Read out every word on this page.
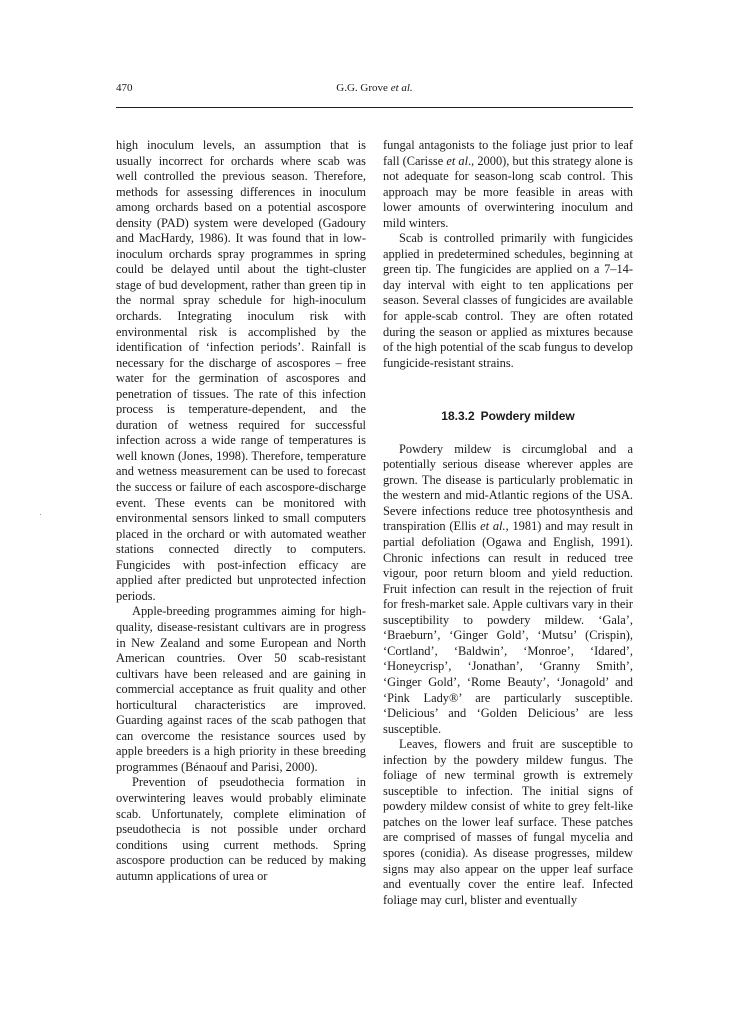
470	G.G. Grove et al.

high inoculum levels, an assumption that is usually incorrect for orchards where scab was well controlled the previous season. Therefore, methods for assessing differences in inoculum among orchards based on a potential ascospore density (PAD) system were developed (Gadoury and MacHardy, 1986). It was found that in low-inoculum orchards spray programmes in spring could be delayed until about the tight-cluster stage of bud development, rather than green tip in the normal spray schedule for high-inoculum orchards. Integrating inoculum risk with environmental risk is accomplished by the identification of ‘infection periods’. Rainfall is necessary for the discharge of ascospores – free water for the germination of ascospores and penetration of tissues. The rate of this infection process is temperature-dependent, and the duration of wetness required for successful infection across a wide range of temperatures is well known (Jones, 1998). Therefore, temperature and wetness measurement can be used to forecast the success or failure of each ascospore-discharge event. These events can be monitored with environmental sensors linked to small computers placed in the orchard or with automated weather stations connected directly to computers. Fungicides with post-infection efficacy are applied after predicted but unprotected infection periods.

Apple-breeding programmes aiming for high-quality, disease-resistant cultivars are in progress in New Zealand and some European and North American countries. Over 50 scab-resistant cultivars have been released and are gaining in commercial acceptance as fruit quality and other horticultural characteristics are improved. Guarding against races of the scab pathogen that can overcome the resistance sources used by apple breeders is a high priority in these breeding programmes (Bénaouf and Parisi, 2000).

Prevention of pseudothecia formation in overwintering leaves would probably eliminate scab. Unfortunately, complete elimination of pseudothecia is not possible under orchard conditions using current methods. Spring ascospore production can be reduced by making autumn applications of urea or

fungal antagonists to the foliage just prior to leaf fall (Carisse et al., 2000), but this strategy alone is not adequate for season-long scab control. This approach may be more feasible in areas with lower amounts of overwintering inoculum and mild winters.

Scab is controlled primarily with fungicides applied in predetermined schedules, beginning at green tip. The fungicides are applied on a 7–14-day interval with eight to ten applications per season. Several classes of fungicides are available for apple-scab control. They are often rotated during the season or applied as mixtures because of the high potential of the scab fungus to develop fungicide-resistant strains.

18.3.2 Powdery mildew

Powdery mildew is circumglobal and a potentially serious disease wherever apples are grown. The disease is particularly problematic in the western and mid-Atlantic regions of the USA. Severe infections reduce tree photosynthesis and transpiration (Ellis et al., 1981) and may result in partial defoliation (Ogawa and English, 1991). Chronic infections can result in reduced tree vigour, poor return bloom and yield reduction. Fruit infection can result in the rejection of fruit for fresh-market sale. Apple cultivars vary in their susceptibility to powdery mildew. ‘Gala’, ‘Braeburn’, ‘Ginger Gold’, ‘Mutsu’ (Crispin), ‘Cortland’, ‘Baldwin’, ‘Monroe’, ‘Idared’, ‘Honeycrisp’, ‘Jonathan’, ‘Granny Smith’, ‘Ginger Gold’, ‘Rome Beauty’, ‘Jonagold’ and ‘Pink Lady®’ are particularly susceptible. ‘Delicious’ and ‘Golden Delicious’ are less susceptible.

Leaves, flowers and fruit are susceptible to infection by the powdery mildew fungus. The foliage of new terminal growth is extremely susceptible to infection. The initial signs of powdery mildew consist of white to grey felt-like patches on the lower leaf surface. These patches are comprised of masses of fungal mycelia and spores (conidia). As disease progresses, mildew signs may also appear on the upper leaf surface and eventually cover the entire leaf. Infected foliage may curl, blister and eventually
